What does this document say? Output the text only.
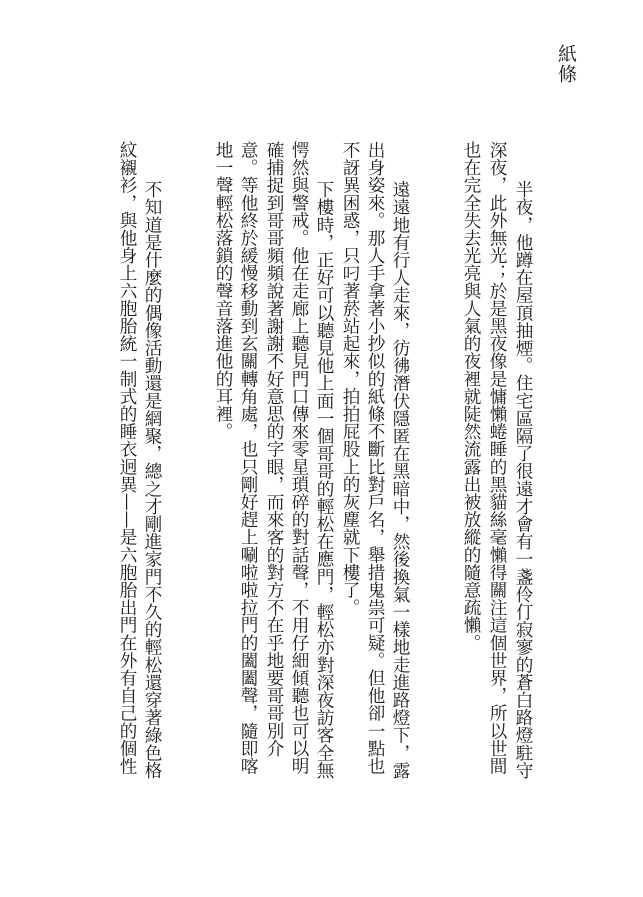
紙條
　半夜，他蹲在屋頂抽煙。住宅區隔了很遠才會有一盞伶仃寂寥的蒼白路燈駐守
深夜，此外無光；於是黑夜像是慵懶蜷睡的黑貓絲毫懶得關注這個世界，所以世間
也在完全失去光亮與人氣的夜裡就陡然流露出被放縱的隨意疏懶。
　遠遠地有行人走來，彷彿潛伏隱匿在黑暗中，然後換氣一樣地走進路燈下，露
出身姿來。那人手拿著小抄似的紙條不斷比對戶名，舉措鬼祟可疑。但他卻一點也
不訝異困惑，只叼著菸站起來，拍拍屁股上的灰塵就下樓了。
　下樓時，正好可以聽見他上面一個哥哥的輕松在應門，輕松亦對深夜訪客全無
愕然與警戒。他在走廊上聽見門口傳來零星瑣碎的對話聲，不用仔細傾聽也可以明
確捕捉到哥哥頻頻說著謝謝不好意思的字眼，而來客的對方不在乎地要哥哥別介
意。等他終於緩慢移動到玄關轉角處，也只剛好趕上唰啦啦拉門的闔闔聲，隨即喀
地一聲輕松落鎖的聲音落進他的耳裡。
　不知道是什麼的偶像活動還是網聚，總之才剛進家門不久的輕松還穿著綠色格
紋襯衫，與他身上六胞胎統一制式的睡衣迥異——是六胞胎出門在外有自己的個性
